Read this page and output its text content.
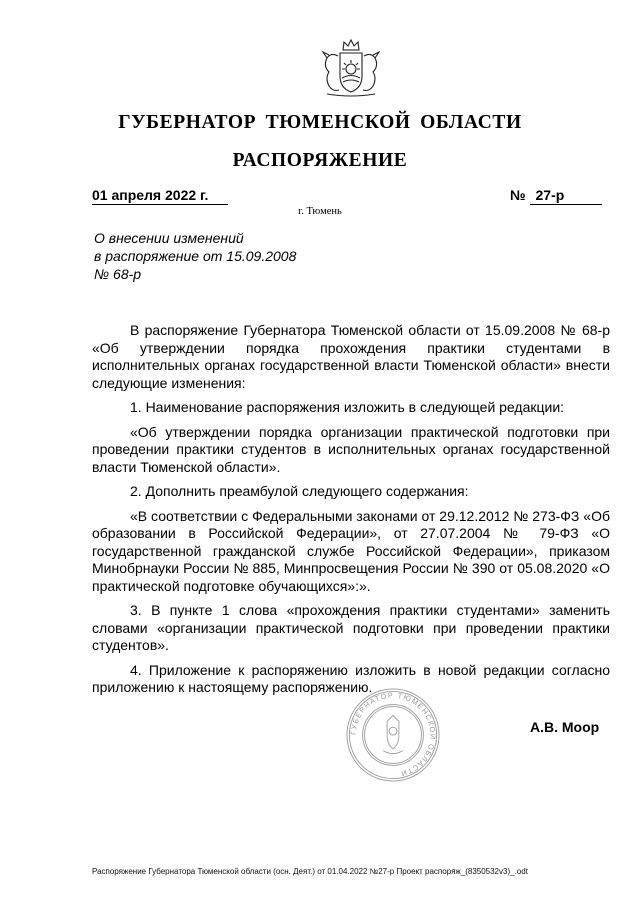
ГУБЕРНАТОР ТЮМЕНСКОЙ ОБЛАСТИ
РАСПОРЯЖЕНИЕ
01 апреля 2022 г.	№ 27-р
г. Тюмень
О внесении изменений
в распоряжение от 15.09.2008
№ 68-р

В распоряжение Губернатора Тюменской области от 15.09.2008 № 68-р «Об утверждении порядка прохождения практики студентами в исполнительных органах государственной власти Тюменской области» внести следующие изменения:

1. Наименование распоряжения изложить в следующей редакции:

«Об утверждении порядка организации практической подготовки при проведении практики студентов в исполнительных органах государственной власти Тюменской области».

2. Дополнить преамбулой следующего содержания:

«В соответствии с Федеральными законами от 29.12.2012 № 273-ФЗ «Об образовании в Российской Федерации», от 27.07.2004 № 79-ФЗ «О государственной гражданской службе Российской Федерации», приказом Минобрнауки России № 885, Минпросвещения России № 390 от 05.08.2020 «О практической подготовке обучающихся»:».

3. В пункте 1 слова «прохождения практики студентами» заменить словами «организации практической подготовки при проведении практики студентов».

4. Приложение к распоряжению изложить в новой редакции согласно приложению к настоящему распоряжению.

ГУБЕРНАТОР ТЮМЕНСКОЙ ОБЛАСТИ
А.В. Моор
Распоряжение Губернатора Тюменской области (осн. Деят.) от 01.04.2022 №27-р Проект распоряж_(8350532v3)_.odt
